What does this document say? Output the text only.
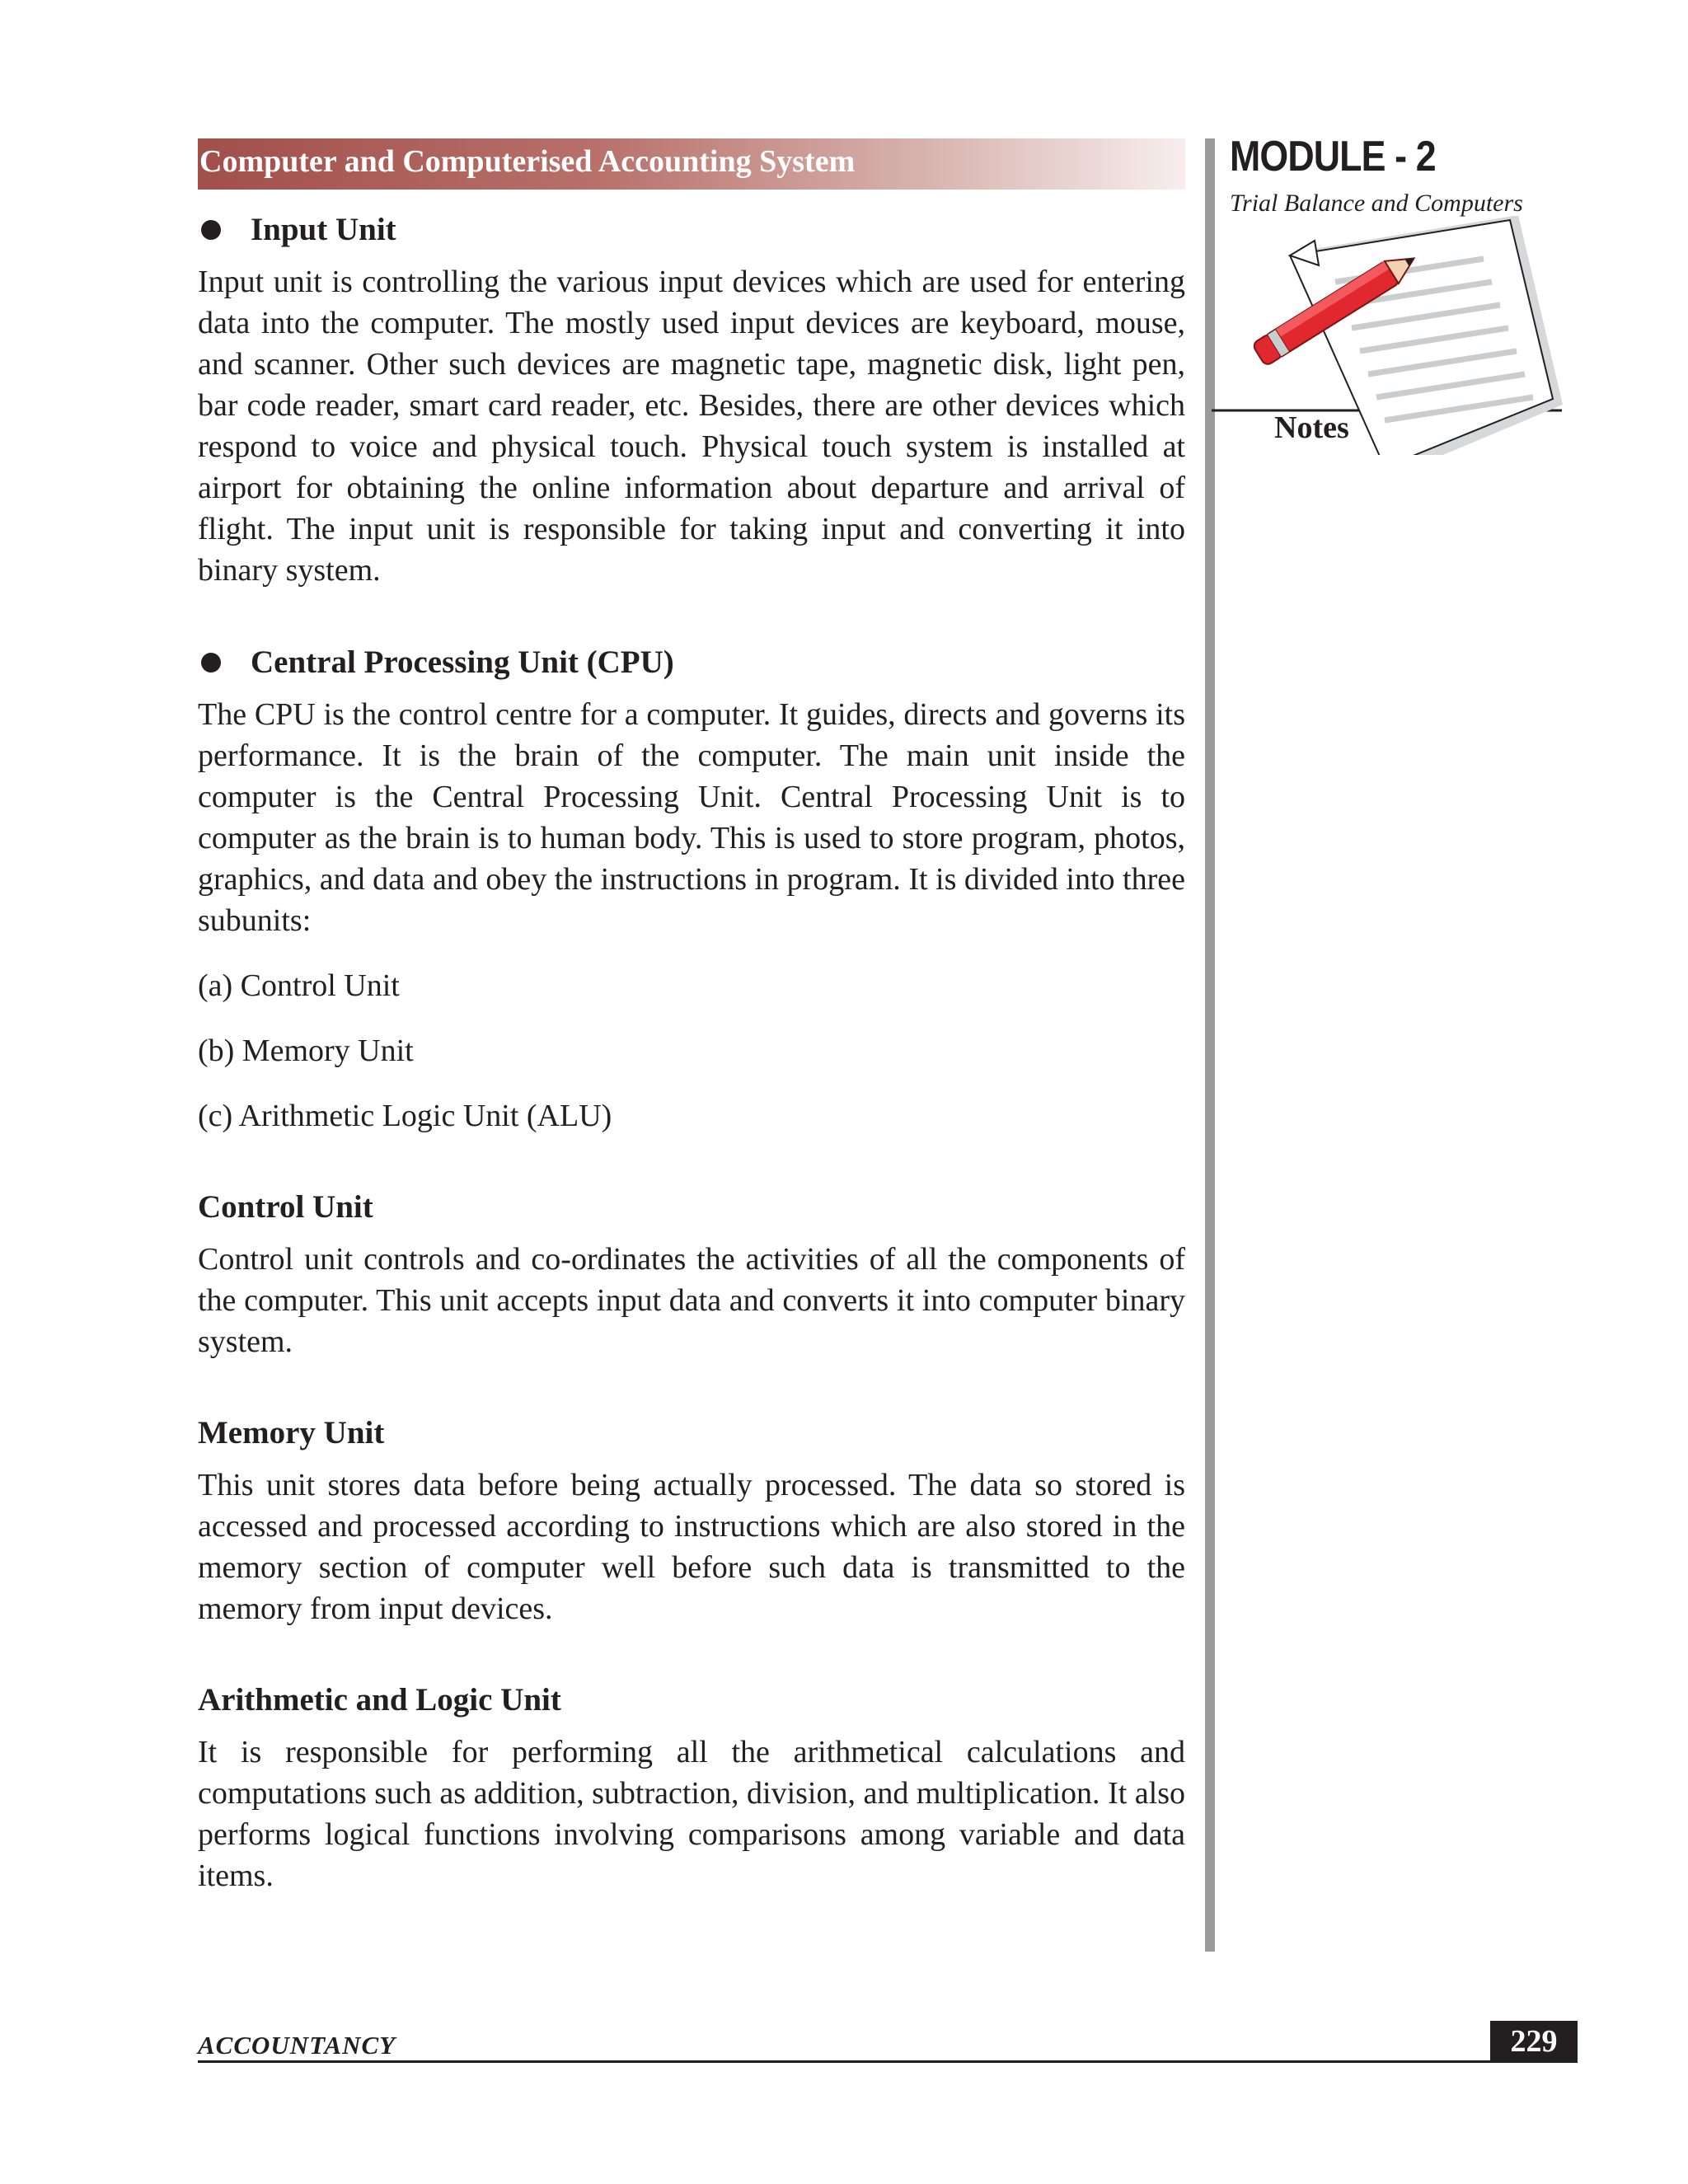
Computer and Computerised Accounting System	MODULE - 2
Trial Balance and Computers
Notes
Input Unit

Input unit is controlling the various input devices which are used for entering data into the computer. The mostly used input devices are keyboard, mouse, and scanner. Other such devices are magnetic tape, magnetic disk, light pen, bar code reader, smart card reader, etc. Besides, there are other devices which respond to voice and physical touch. Physical touch system is installed at airport for obtaining the online information about departure and arrival of flight. The input unit is responsible for taking input and converting it into binary system.

Central Processing Unit (CPU)

The CPU is the control centre for a computer. It guides, directs and governs its performance. It is the brain of the computer. The main unit inside the computer is the Central Processing Unit. Central Processing Unit is to computer as the brain is to human body. This is used to store program, photos, graphics, and data and obey the instructions in program. It is divided into three subunits:

(a) Control Unit
(b) Memory Unit
(c) Arithmetic Logic Unit (ALU)
Control Unit

Control unit controls and co-ordinates the activities of all the components of the computer. This unit accepts input data and converts it into computer binary system.

Memory Unit

This unit stores data before being actually processed. The data so stored is accessed and processed according to instructions which are also stored in the memory section of computer well before such data is transmitted to the memory from input devices.

Arithmetic and Logic Unit

It is responsible for performing all the arithmetical calculations and computations such as addition, subtraction, division, and multiplication. It also performs logical functions involving comparisons among variable and data items.

ACCOUNTANCY	229
